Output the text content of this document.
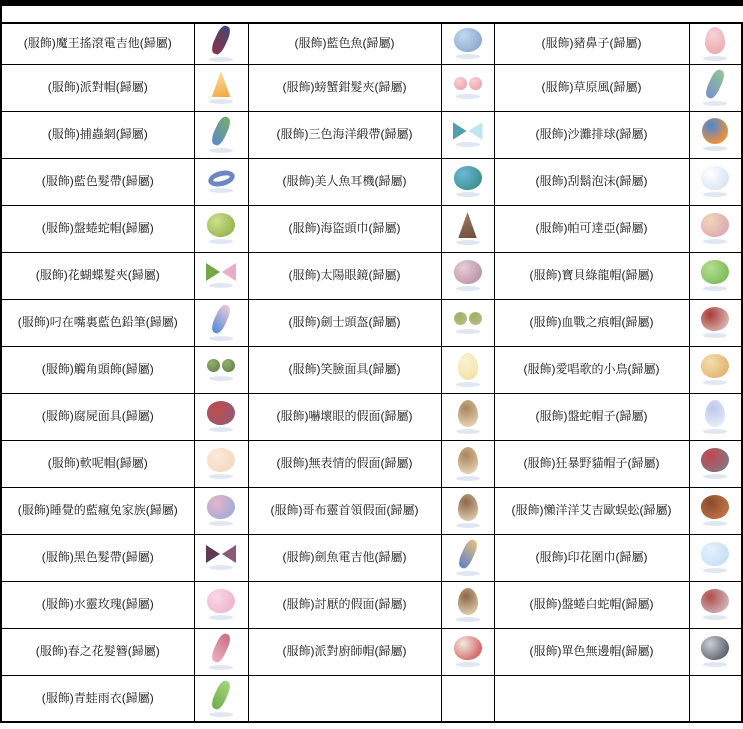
(服飾)魔王搖滾電吉他(歸屬)		(服飾)藍色魚(歸屬)		(服飾)豬鼻子(歸屬)	

(服飾)派對帽(歸屬)		(服飾)螃蟹鉗髮夾(歸屬)		(服飾)草原風(歸屬)	

(服飾)捕蟲網(歸屬)		(服飾)三色海洋緞帶(歸屬)		(服飾)沙灘排球(歸屬)	

(服飾)藍色髮帶(歸屬)		(服飾)美人魚耳機(歸屬)		(服飾)刮鬍泡沫(歸屬)	

(服飾)盤蜷蛇帽(歸屬)		(服飾)海盜頭巾(歸屬)		(服飾)帕可達亞(歸屬)	

(服飾)花蝴蝶髮夾(歸屬)		(服飾)太陽眼鏡(歸屬)		(服飾)寶貝綠龍帽(歸屬)	

(服飾)叼在嘴裏藍色鉛筆(歸屬)		(服飾)劍士頭盔(歸屬)		(服飾)血戰之痕帽(歸屬)	

(服飾)觸角頭飾(歸屬)		(服飾)笑臉面具(歸屬)		(服飾)愛唱歌的小鳥(歸屬)	

(服飾)腐屍面具(歸屬)		(服飾)嚇壞眼的假面(歸屬)		(服飾)盤蛇帽子(歸屬)	

(服飾)軟呢帽(歸屬)		(服飾)無表情的假面(歸屬)		(服飾)狂暴野貓帽子(歸屬)	

(服飾)睡覺的藍瘋兔家族(歸屬)		(服飾)哥布靈首領假面(歸屬)		(服飾)懶洋洋艾吉歐蜈蚣(歸屬)	

(服飾)黑色髮帶(歸屬)		(服飾)劍魚電吉他(歸屬)		(服飾)印花圍巾(歸屬)	

(服飾)水靈玫瑰(歸屬)		(服飾)討厭的假面(歸屬)		(服飾)盤蜷白蛇帽(歸屬)	

(服飾)春之花髮簪(歸屬)		(服飾)派對廚師帽(歸屬)		(服飾)單色無邊帽(歸屬)	

(服飾)青蛙雨衣(歸屬)	
